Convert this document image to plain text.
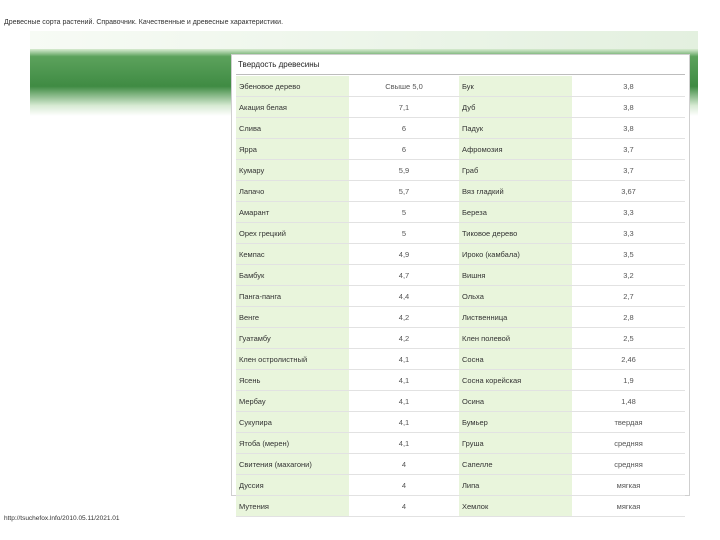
Древесные сорта растений. Справочник. Качественные и древесные характеристики.
Твердость древесины
Эбеновое дерево	Свыше 5,0	Бук	3,8
Акация белая	7,1	Дуб	3,8
Слива	6	Падук	3,8
Ярра	6	Афромозия	3,7
Кумару	5,9	Граб	3,7
Лапачо	5,7	Вяз гладкий	3,67
Амарант	5	Береза	3,3
Орех грецкий	5	Тиковое дерево	3,3
Кемпас	4,9	Ироко (камбала)	3,5
Бамбук	4,7	Вишня	3,2
Панга-панга	4,4	Ольха	2,7
Венге	4,2	Лиственница	2,8
Гуатамбу	4,2	Клен полевой	2,5
Клен остролистный	4,1	Сосна	2,46
Ясень	4,1	Сосна корейская	1,9
Мербау	4,1	Осина	1,48
Сукупира	4,1	Бумьер	твердая
Ятоба (мерен)	4,1	Груша	средняя
Свитения (махагони)	4	Сапелле	средняя
Дуссия	4	Липа	мягкая
Мутения	4	Хемлок	мягкая
http://tsuchefox.lnfo/2010.05.11/2021.01
